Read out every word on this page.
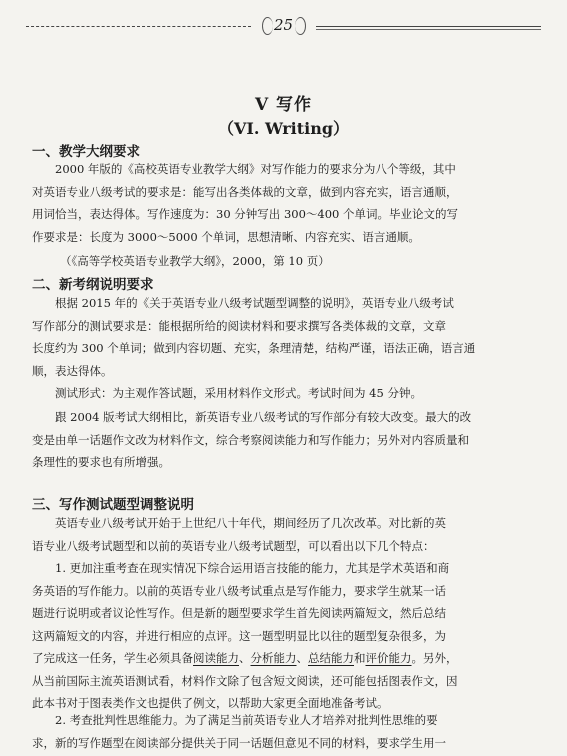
25
V 写作
（VI. Writing）
一、教学大纲要求
2000 年版的《高校英语专业教学大纲》对写作能力的要求分为八个等级，其中
对英语专业八级考试的要求是：能写出各类体裁的文章，做到内容充实，语言通顺，
用词恰当，表达得体。写作速度为：30 分钟写出 300～400 个单词。毕业论文的写
作要求是：长度为 3000～5000 个单词，思想清晰、内容充实、语言通顺。
（《高等学校英语专业教学大纲》，2000，第 10 页）
二、新考纲说明要求
根据 2015 年的《关于英语专业八级考试题型调整的说明》，英语专业八级考试
写作部分的测试要求是：能根据所给的阅读材料和要求撰写各类体裁的文章，文章
长度约为 300 个单词；做到内容切题、充实，条理清楚，结构严谨，语法正确，语言通
顺，表达得体。
测试形式：为主观作答试题，采用材料作文形式。考试时间为 45 分钟。
跟 2004 版考试大纲相比，新英语专业八级考试的写作部分有较大改变。最大的改
变是由单一话题作文改为材料作文，综合考察阅读能力和写作能力；另外对内容质量和
条理性的要求也有所增强。
三、写作测试题型调整说明
英语专业八级考试开始于上世纪八十年代，期间经历了几次改革。对比新的英
语专业八级考试题型和以前的英语专业八级考试题型，可以看出以下几个特点：
1. 更加注重考查在现实情况下综合运用语言技能的能力，尤其是学术英语和商
务英语的写作能力。以前的英语专业八级考试重点是写作能力，要求学生就某一话
题进行说明或者议论性写作。但是新的题型要求学生首先阅读两篇短文，然后总结
这两篇短文的内容，并进行相应的点评。这一题型明显比以往的题型复杂很多，为
了完成这一任务，学生必须具备阅读能力、分析能力、总结能力和评价能力。另外，
从当前国际主流英语测试看，材料作文除了包含短文阅读，还可能包括图表作文，因
此本书对于图表类作文也提供了例文，以帮助大家更全面地准备考试。
2. 考查批判性思维能力。为了满足当前英语专业人才培养对批判性思维的要
求，新的写作题型在阅读部分提供关于同一话题但意见不同的材料，要求学生用一
